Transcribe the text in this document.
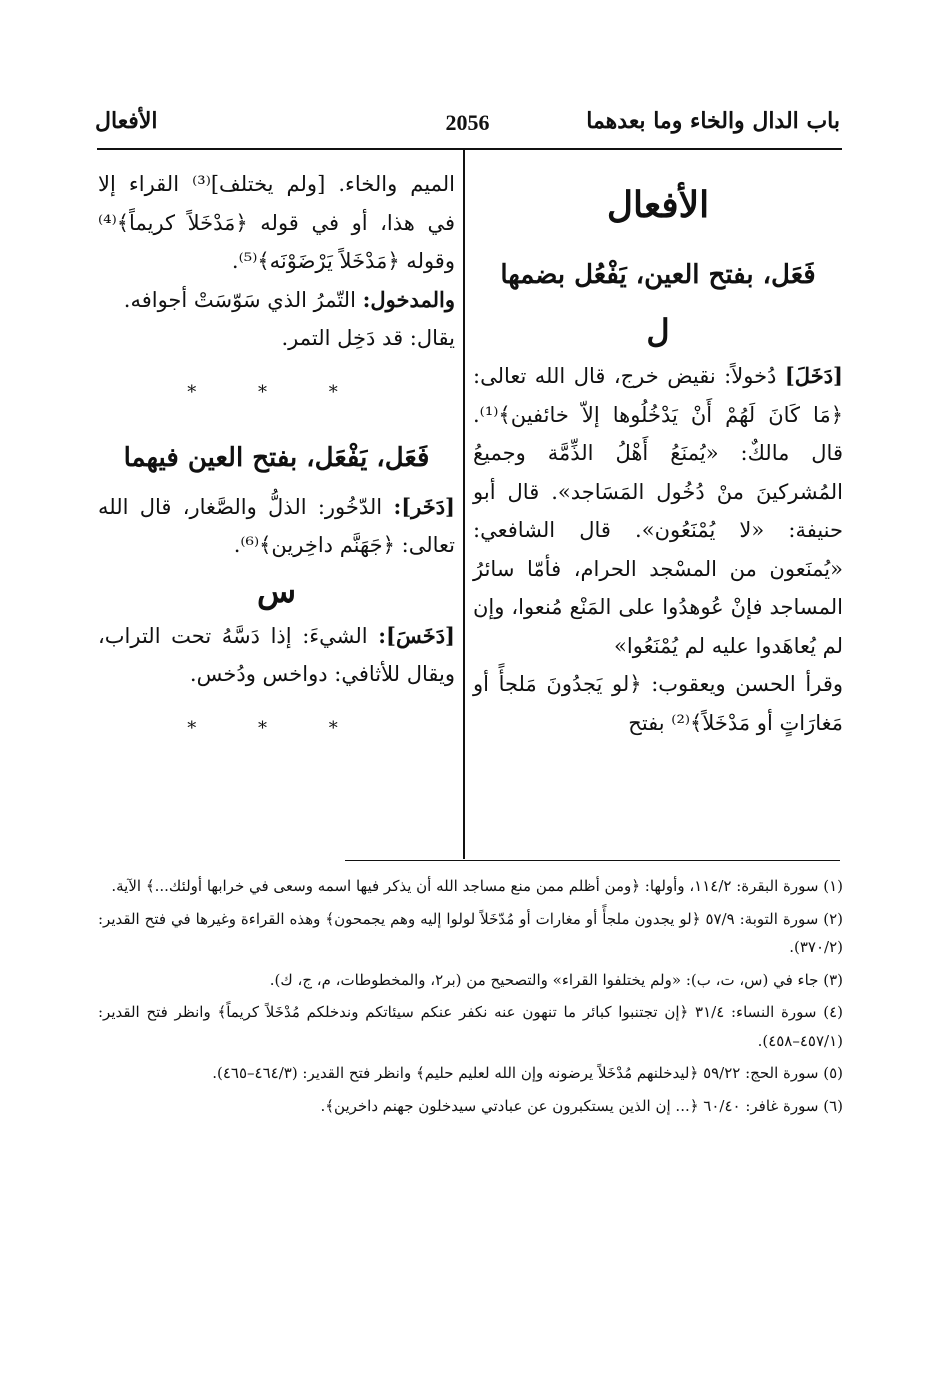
باب الدال والخاء وما بعدهما
2056
الأفعال

الأفعال

فَعَل، بفتح العين، يَفْعُل بضمها

ل

[دَخَلَ] دُخولاً: نقيض خرج، قال الله تعالى: ﴿مَا كَانَ لَهُمْ أَنْ يَدْخُلُوها إلاّ خائفين﴾⁽¹⁾. قال مالكٌ: «يُمنَعُ أَهْلُ الذِّمَّة وجميعُ المُشركينَ منْ دُخُول المَسَاجد». قال أبو حنيفة: «لا يُمْنَعُون». قال الشافعي: «يُمنَعون من المسْجد الحرام، فأمّا سائرُ المساجد فإنْ عُوهدُوا على المَنْع مُنعوا، وإن لم يُعاهَدوا عليه لم يُمْنَعُوا»

وقرأ الحسن ويعقوب: ﴿لو يَجدُونَ مَلجأً أو مَغارَاتٍ أو مَدْخَلاً﴾⁽²⁾ بفتح

الميم والخاء. [ولم يختلف]⁽³⁾ القراء إلا في هذا، أو في قوله ﴿مَدْخَلاً كريماً﴾⁽⁴⁾ وقوله ﴿مَدْخَلاً يَرْضَوْنَه﴾⁽⁵⁾.

والمدخول: التّمرُ الذي سَوّسَتْ أجوافه.

يقال: قد دَخِل التمر.

* * *

فَعَل، يَفْعَل، بفتح العين فيهما

[دَخَر]: الدّخُور: الذلُّ والصَّغار، قال الله تعالى: ﴿جَهَنَّم داخِرين﴾⁽⁶⁾.

س

[دَخَسَ]: الشيءَ: إذا دَسَّهُ تحت التراب، ويقال للأثافي: دواخس ودُخس.

* * *

(١) سورة البقرة: ١١٤/٢، وأولها: ﴿ومن أظلم ممن منع مساجد الله أن يذكر فيها اسمه وسعى في خرابها أولئك...﴾ الآية.

(٢) سورة التوبة: ٥٧/٩ ﴿لو يجدون ملجأً أو مغارات أو مُدّخَلاً لولوا إليه وهم يجمحون﴾ وهذه القراءة وغيرها في فتح القدير: (٣٧٠/٢).

(٣) جاء في (س، ت، ب): «ولم يختلفوا القراء» والتصحيح من (بر٢، والمخطوطات، م، ج، ك).

(٤) سورة النساء: ٣١/٤ ﴿إن تجتنبوا كبائر ما تنهون عنه نكفر عنكم سيئاتكم وندخلكم مُدْخَلاً كريماً﴾ وانظر فتح القدير: (٤٥٧/١–٤٥٨).

(٥) سورة الحج: ٥٩/٢٢ ﴿ليدخلنهم مُدْخَلاً يرضونه وإن الله لعليم حليم﴾ وانظر فتح القدير: (٤٦٤/٣–٤٦٥).

(٦) سورة غافر: ٦٠/٤٠ ﴿... إن الذين يستكبرون عن عبادتي سيدخلون جهنم داخرين﴾.
